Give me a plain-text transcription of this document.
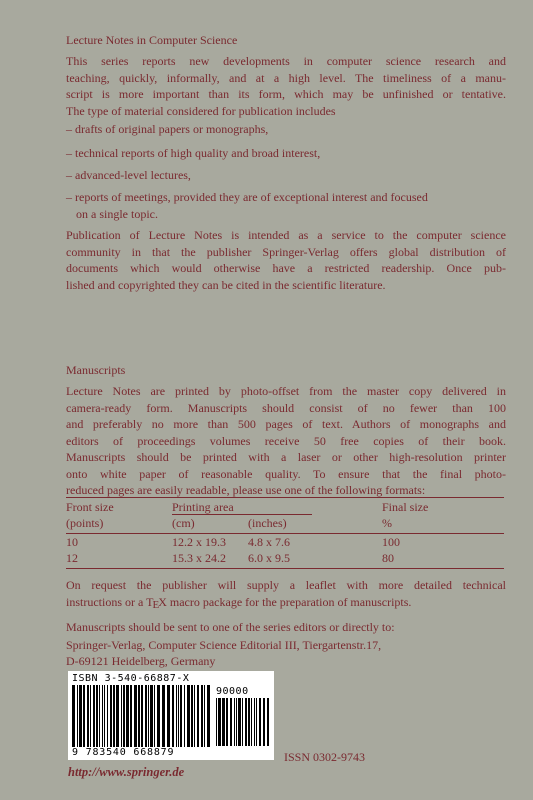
Lecture Notes in Computer Science
This series reports new developments in computer science research and
teaching, quickly, informally, and at a high level. The timeliness of a manu-
script is more important than its form, which may be unfinished or tentative.
The type of material considered for publication includes
– drafts of original papers or monographs,
– technical reports of high quality and broad interest,
– advanced-level lectures,
– reports of meetings, provided they are of exceptional interest and focused
on a single topic.
Publication of Lecture Notes is intended as a service to the computer science
community in that the publisher Springer-Verlag offers global distribution of
documents which would otherwise have a restricted readership. Once pub-
lished and copyrighted they can be cited in the scientific literature.
Manuscripts
Lecture Notes are printed by photo-offset from the master copy delivered in
camera-ready form. Manuscripts should consist of no fewer than 100
and preferably no more than 500 pages of text. Authors of monographs and
editors of proceedings volumes receive 50 free copies of their book.
Manuscripts should be printed with a laser or other high-resolution printer
onto white paper of reasonable quality. To ensure that the final photo-
reduced pages are easily readable, please use one of the following formats:
Front size	Printing area		Final size
(points)	(cm)	(inches)	%
10	12.2 x 19.3	4.8 x 7.6	100
12	15.3 x 24.2	6.0 x 9.5	80
On request the publisher will supply a leaflet with more detailed technical
instructions or a TEX macro package for the preparation of manuscripts.
Manuscripts should be sent to one of the series editors or directly to:
Springer-Verlag, Computer Science Editorial III, Tiergartenstr.17,
D-69121 Heidelberg, Germany
ISBN 3-540-66887-X
90000
9 783540 668879	ISSN 0302-9743
http://www.springer.de
